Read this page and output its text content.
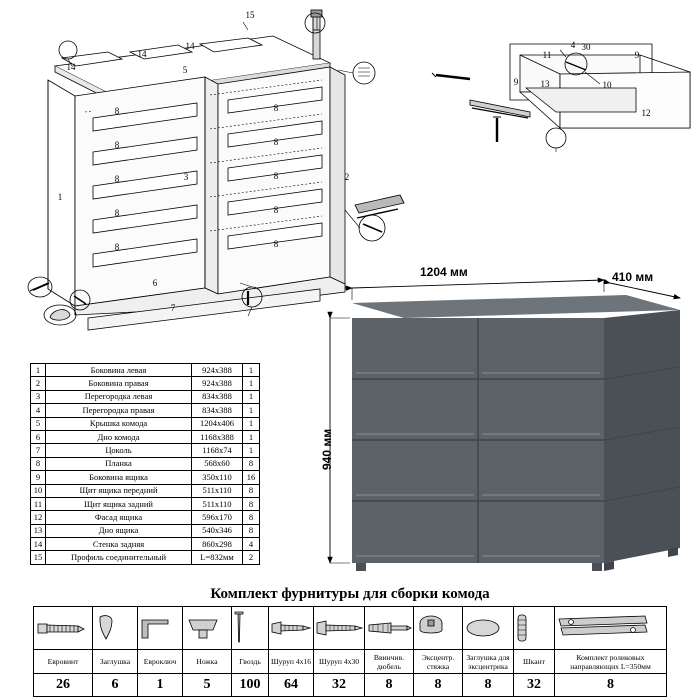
15
14
14
14
5
1
3	2
6
7
8
8
8
8
8
8
8
8
8
8
11
4 30
9
9
13	10
12
1204 мм	410 мм
940 мм
1	Боковина левая	924х388	1
2	Боковина правая	924х388	1
3	Перегородка левая	834х388	1
4	Перегородка правая	834х388	1
5	Крышка комода	1204х406	1
6	Дно комода	1168х388	1
7	Цоколь	1168х74	1
8	Планка	568х60	8
9	Боковина ящика	350х110	16
10	Щит ящика передний	511х110	8
11	Щит ящика задний	511х110	8
12	Фасад ящика	596х170	8
13	Дно ящика	540х346	8
14	Стенка задняя	860х298	4
15	Профиль соединительный	L=832мм	2
Комплект фурнитуры для сборки комода

Евровинт	Заглушка	Евроключ	Ножка	Гвоздь	Шуруп 4х16	Шуруп 4х30	Ввинчив. дюбель	Эксцентр. стяжка	Заглушка для эксцентрика	Шкант	Комплект роликовых направляющих L=350мм
26	6	1	5	100	64	32	8	8	8	32	8
